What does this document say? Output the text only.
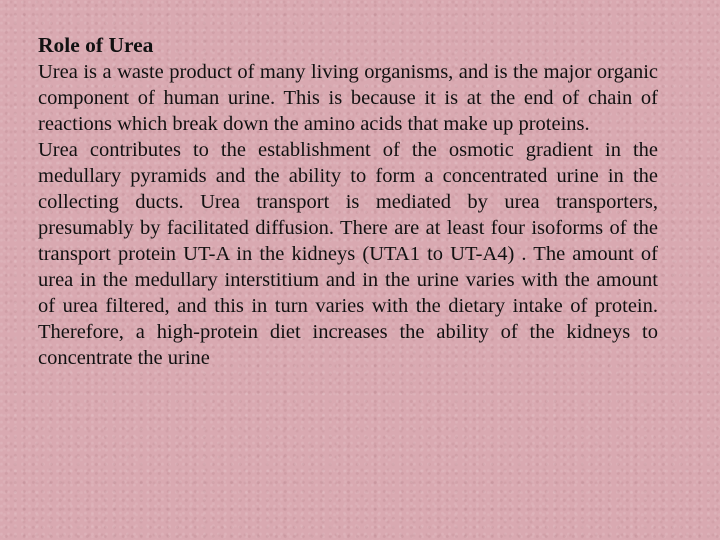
Role of Urea

Urea is a waste product of many living organisms, and is the major organic component of human urine. This is because it is at the end of chain of reactions which break down the amino acids that make up proteins.

Urea contributes to the establishment of the osmotic gradient in the medullary pyramids and the ability to form a concentrated urine in the collecting ducts. Urea transport is mediated by urea transporters, presumably by facilitated diffusion. There are at least four isoforms of the transport protein UT-A in the kidneys (UTA1 to UT-A4) . The amount of urea in the medullary interstitium and in the urine varies with the amount of urea filtered, and this in turn varies with the dietary intake of protein. Therefore, a high-protein diet increases the ability of the kidneys to concentrate the urine
